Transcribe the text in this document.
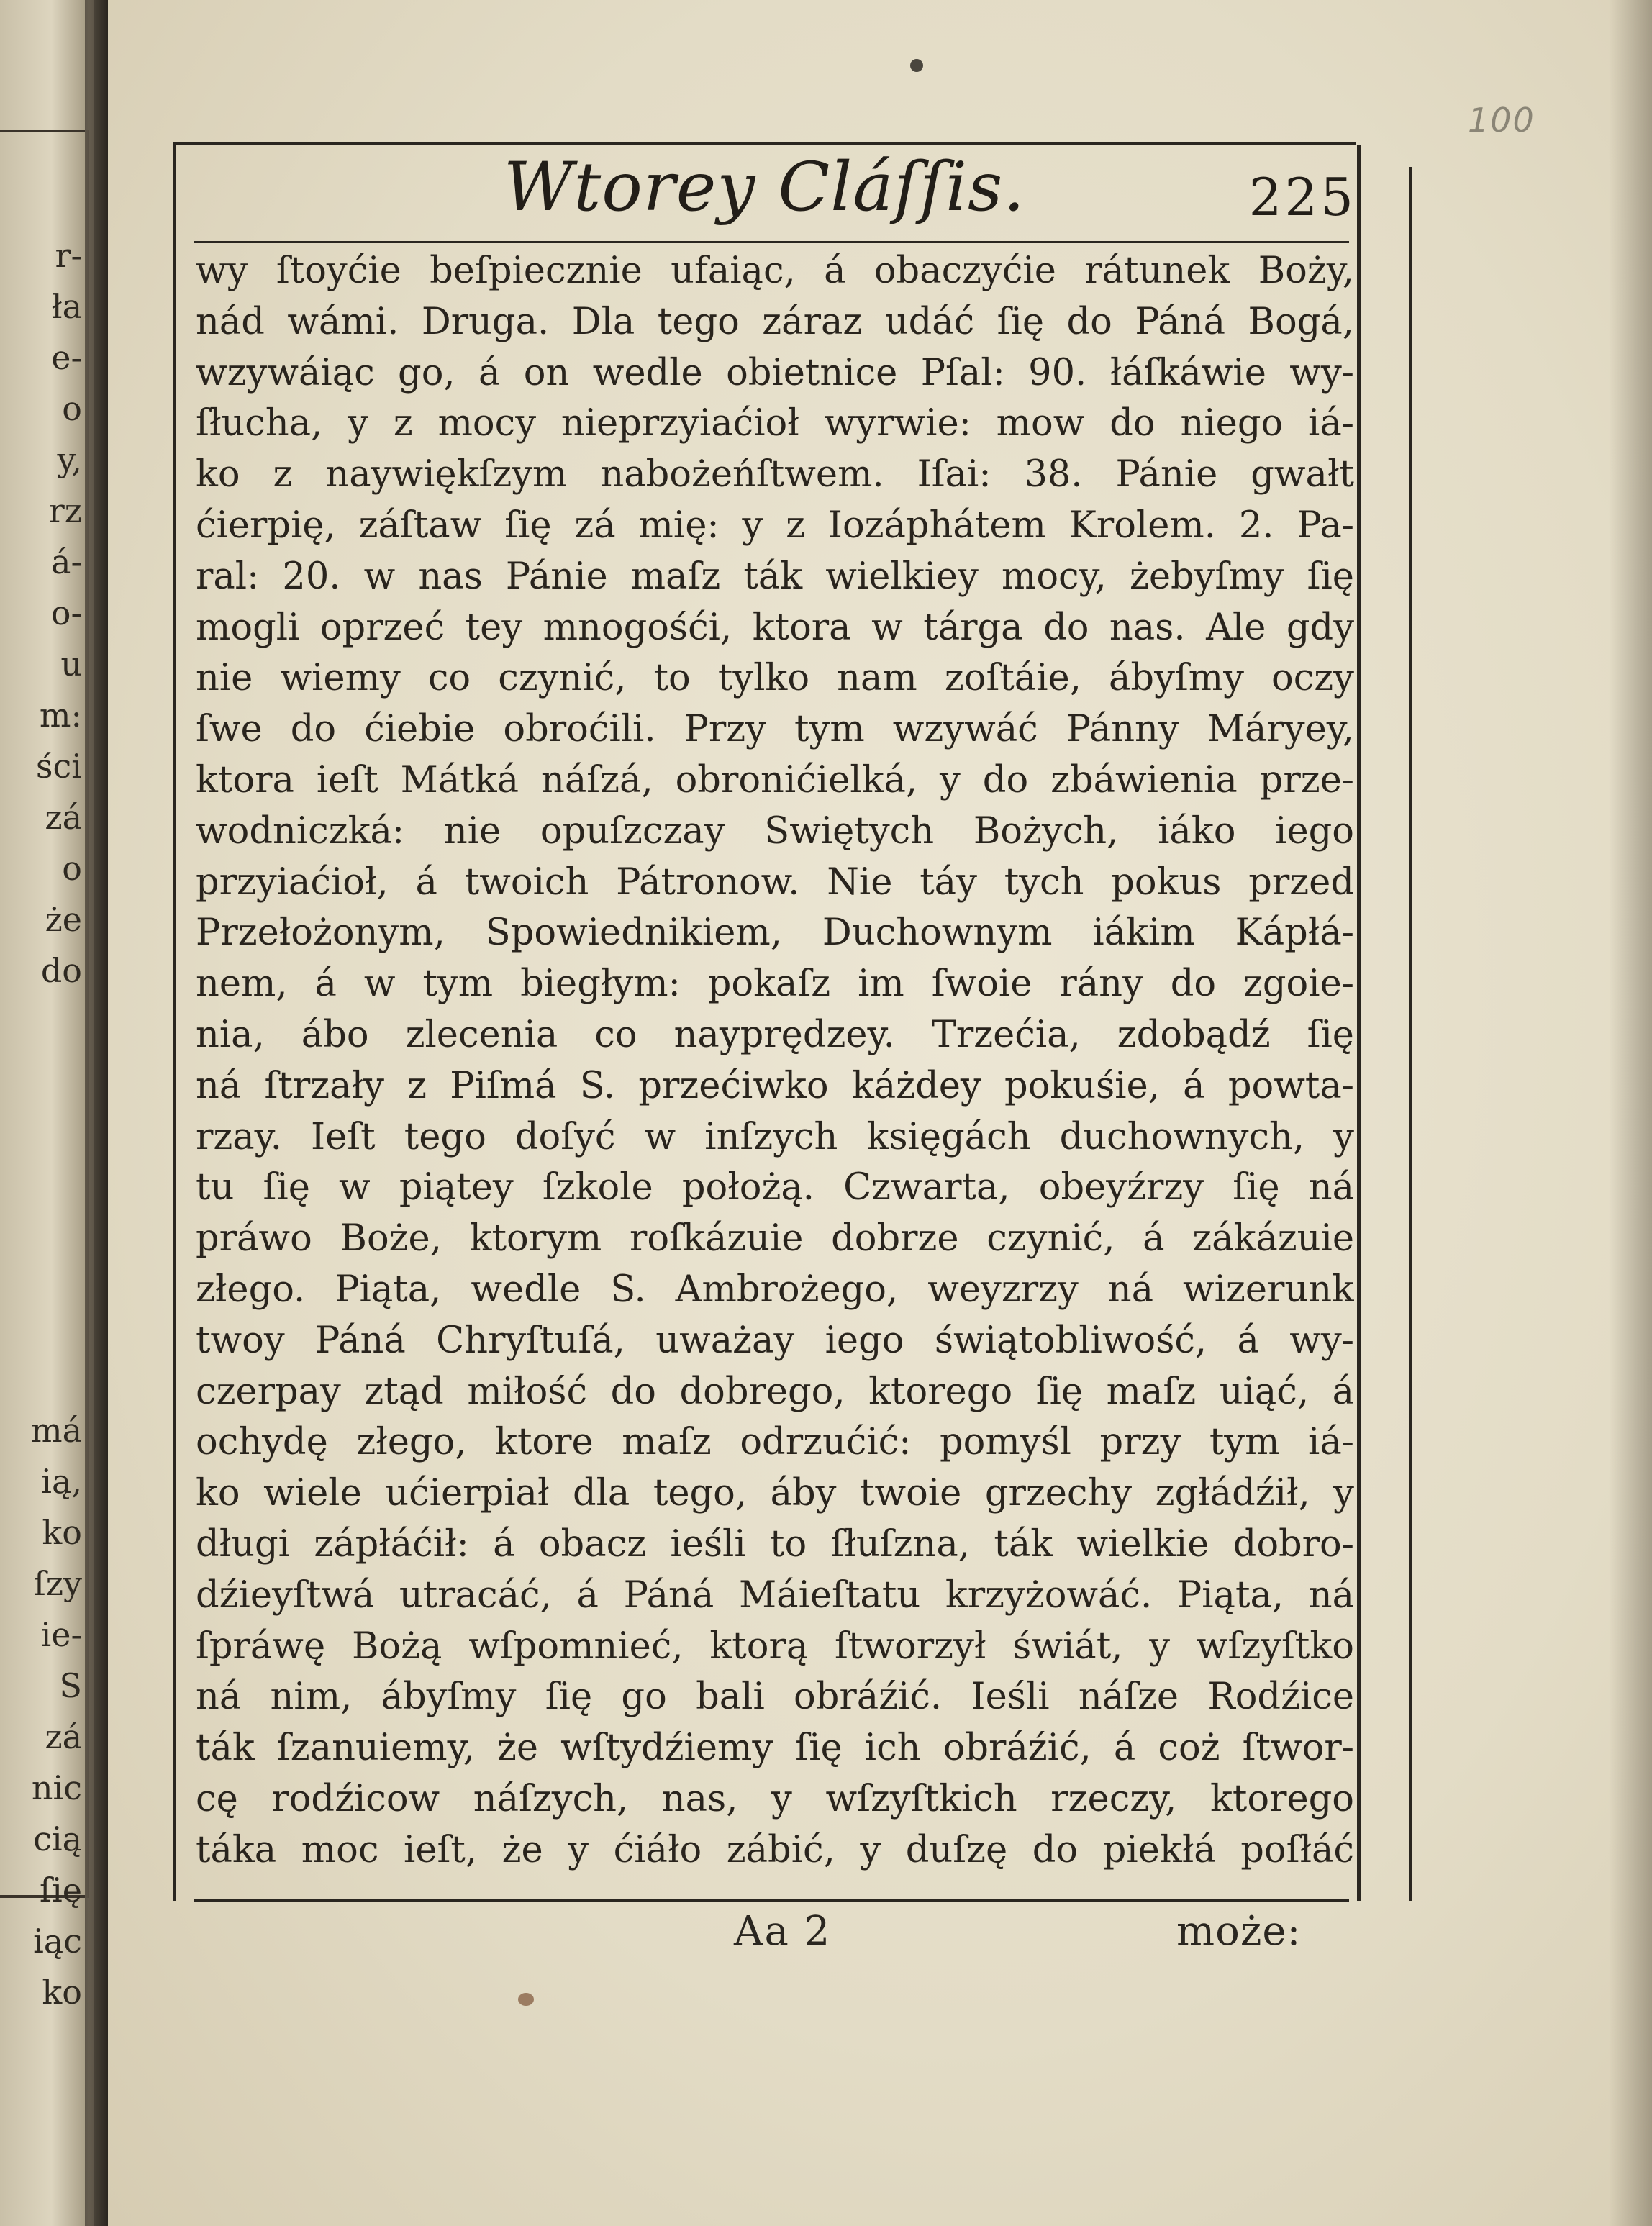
r-
ła
e-
o
y,
rz
á-
o-
u
m:
ści
zá
o
że
do
má
ią,
ko
ſzy
ie-
S
zá
nic
cią
ſię
iąc
ko
100
Wtorey Cláſſis.	225
wy ſtoyćie beſpiecznie ufaiąc, á obaczyćie rátunek Boży,
nád wámi. Druga. Dla tego záraz udáć ſię do Páná Bogá,
wzywáiąc go, á on wedle obietnice Pſal: 90. łáſkáwie wy-
ſłucha, y z mocy nieprzyiaćioł wyrwie: mow do niego iá-
ko z naywiękſzym nabożeńſtwem. Iſai: 38. Pánie gwałt
ćierpię, záſtaw ſię zá mię: y z Iozáphátem Krolem. 2. Pa-
ral: 20. w nas Pánie maſz ták wielkiey mocy, żebyſmy ſię
mogli oprzeć tey mnogośći, ktora w tárga do nas. Ale gdy
nie wiemy co czynić, to tylko nam zoſtáie, ábyſmy oczy
ſwe do ćiebie obroćili. Przy tym wzywáć Pánny Máryey,
ktora ieſt Mátká náſzá, obronićielká, y do zbáwienia prze-
wodniczká: nie opuſzczay Swiętych Bożych, iáko iego
przyiaćioł, á twoich Pátronow. Nie táy tych pokus przed
Przełożonym, Spowiednikiem, Duchownym iákim Kápłá-
nem, á w tym biegłym: pokaſz im ſwoie rány do zgoie-
nia, ábo zlecenia co nayprędzey. Trzećia, zdobądź ſię
ná ſtrzały z Piſmá S. przećiwko káżdey pokuśie, á powta-
rzay. Ieſt tego doſyć w inſzych księgách duchownych, y
tu ſię w piątey ſzkole położą. Czwarta, obeyźrzy ſię ná
práwo Boże, ktorym roſkázuie dobrze czynić, á zákázuie
złego. Piąta, wedle S. Ambrożego, weyzrzy ná wizerunk
twoy Páná Chryſtuſá, uważay iego świątobliwość, á wy-
czerpay ztąd miłość do dobrego, ktorego ſię maſz uiąć, á
ochydę złego, ktore maſz odrzućić: pomyśl przy tym iá-
ko wiele ućierpiał dla tego, áby twoie grzechy zgłádźił, y
długi zápłáćił: á obacz ieśli to ſłuſzna, ták wielkie dobro-
dźieyſtwá utracáć, á Páná Máieſtatu krzyżowáć. Piąta, ná
ſpráwę Bożą wſpomnieć, ktorą ſtworzył świát, y wſzyſtko
ná nim, ábyſmy ſię go bali obráźić. Ieśli náſze Rodźice
ták ſzanuiemy, że wſtydźiemy ſię ich obráźić, á coż ſtwor-
cę rodźicow náſzych, nas, y wſzyſtkich rzeczy, ktorego
táka moc ieſt, że y ćiáło zábić, y duſzę do piekłá poſłáć
Aa 2	może:
